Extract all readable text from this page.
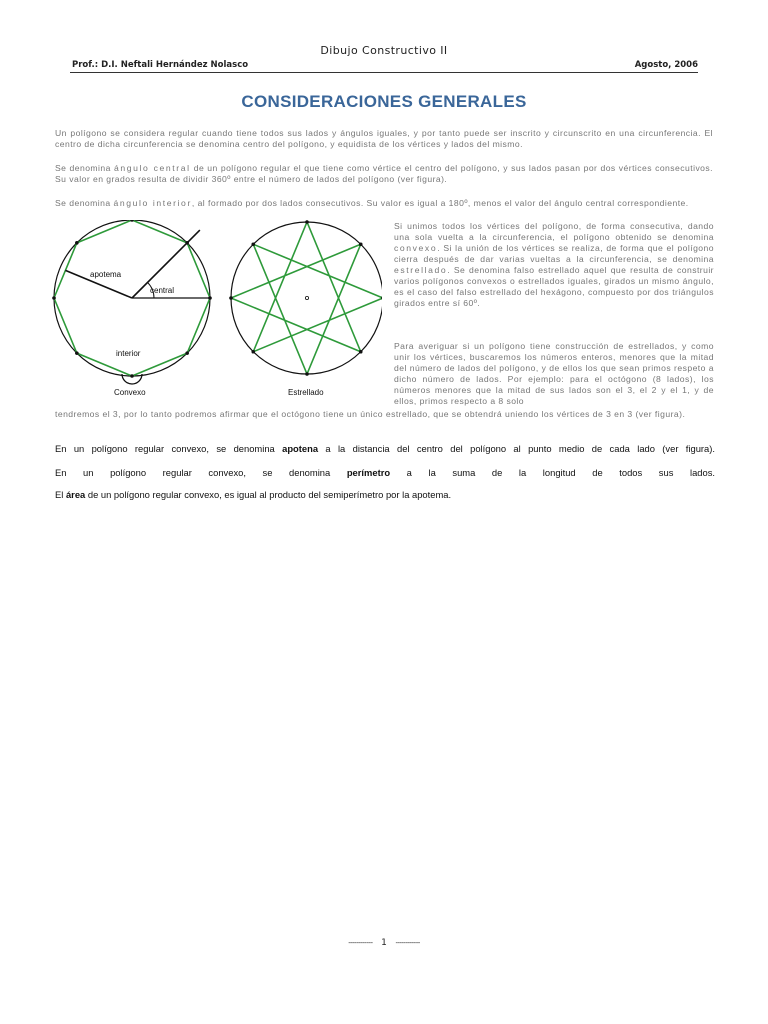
Dibujo Constructivo II
Prof.: D.I. Neftali Hernández Nolasco	Agosto, 2006
CONSIDERACIONES GENERALES

Un polígono se considera regular cuando tiene todos sus lados y ángulos iguales, y por tanto puede ser inscrito y circunscrito en una circunferencia. El centro de dicha circunferencia se denomina centro del polígono, y equidista de los vértices y lados del mismo.

Se denomina ángulo central de un polígono regular el que tiene como vértice el centro del polígono, y sus lados pasan por dos vértices consecutivos. Su valor en grados resulta de dividir 360º entre el número de lados del polígono (ver figura).

Se denomina ángulo interior, al formado por dos lados consecutivos. Su valor es igual a 180º, menos el valor del ángulo central correspondiente.

Si unimos todos los vértices del polígono, de forma consecutiva, dando una sola vuelta a la circunferencia, el polígono obtenido se denomina convexo. Si la unión de los vértices se realiza, de forma que el polígono cierra después de dar varias vueltas a la circunferencia, se denomina estrellado. Se denomina falso estrellado aquel que resulta de construir varios polígonos convexos o estrellados iguales, girados un mismo ángulo, es el caso del falso estrellado del hexágono, compuesto por dos triángulos girados entre sí 60º.

Para averiguar si un polígono tiene construcción de estrellados, y como unir los vértices, buscaremos los números enteros, menores que la mitad del número de lados del polígono, y de ellos los que sean primos respeto a dicho número de lados. Por ejemplo: para el octógono (8 lados), los números menores que la mitad de sus lados son el 3, el 2 y el 1, y de ellos, primos respecto a 8 solo

tendremos el 3, por lo tanto podremos afirmar que el octógono tiene un único estrellado, que se obtendrá uniendo los vértices de 3 en 3 (ver figura).

apotema
central
interior
Convexo	Estrellado

En un polígono regular convexo, se denomina apotena a la distancia del centro del polígono al punto medio de cada lado (ver figura).

En un polígono regular convexo, se denomina perímetro a la suma de la longitud de todos sus lados.

El área de un polígono regular convexo, es igual al producto del semiperímetro por la apotema.

------------ 1 ------------
